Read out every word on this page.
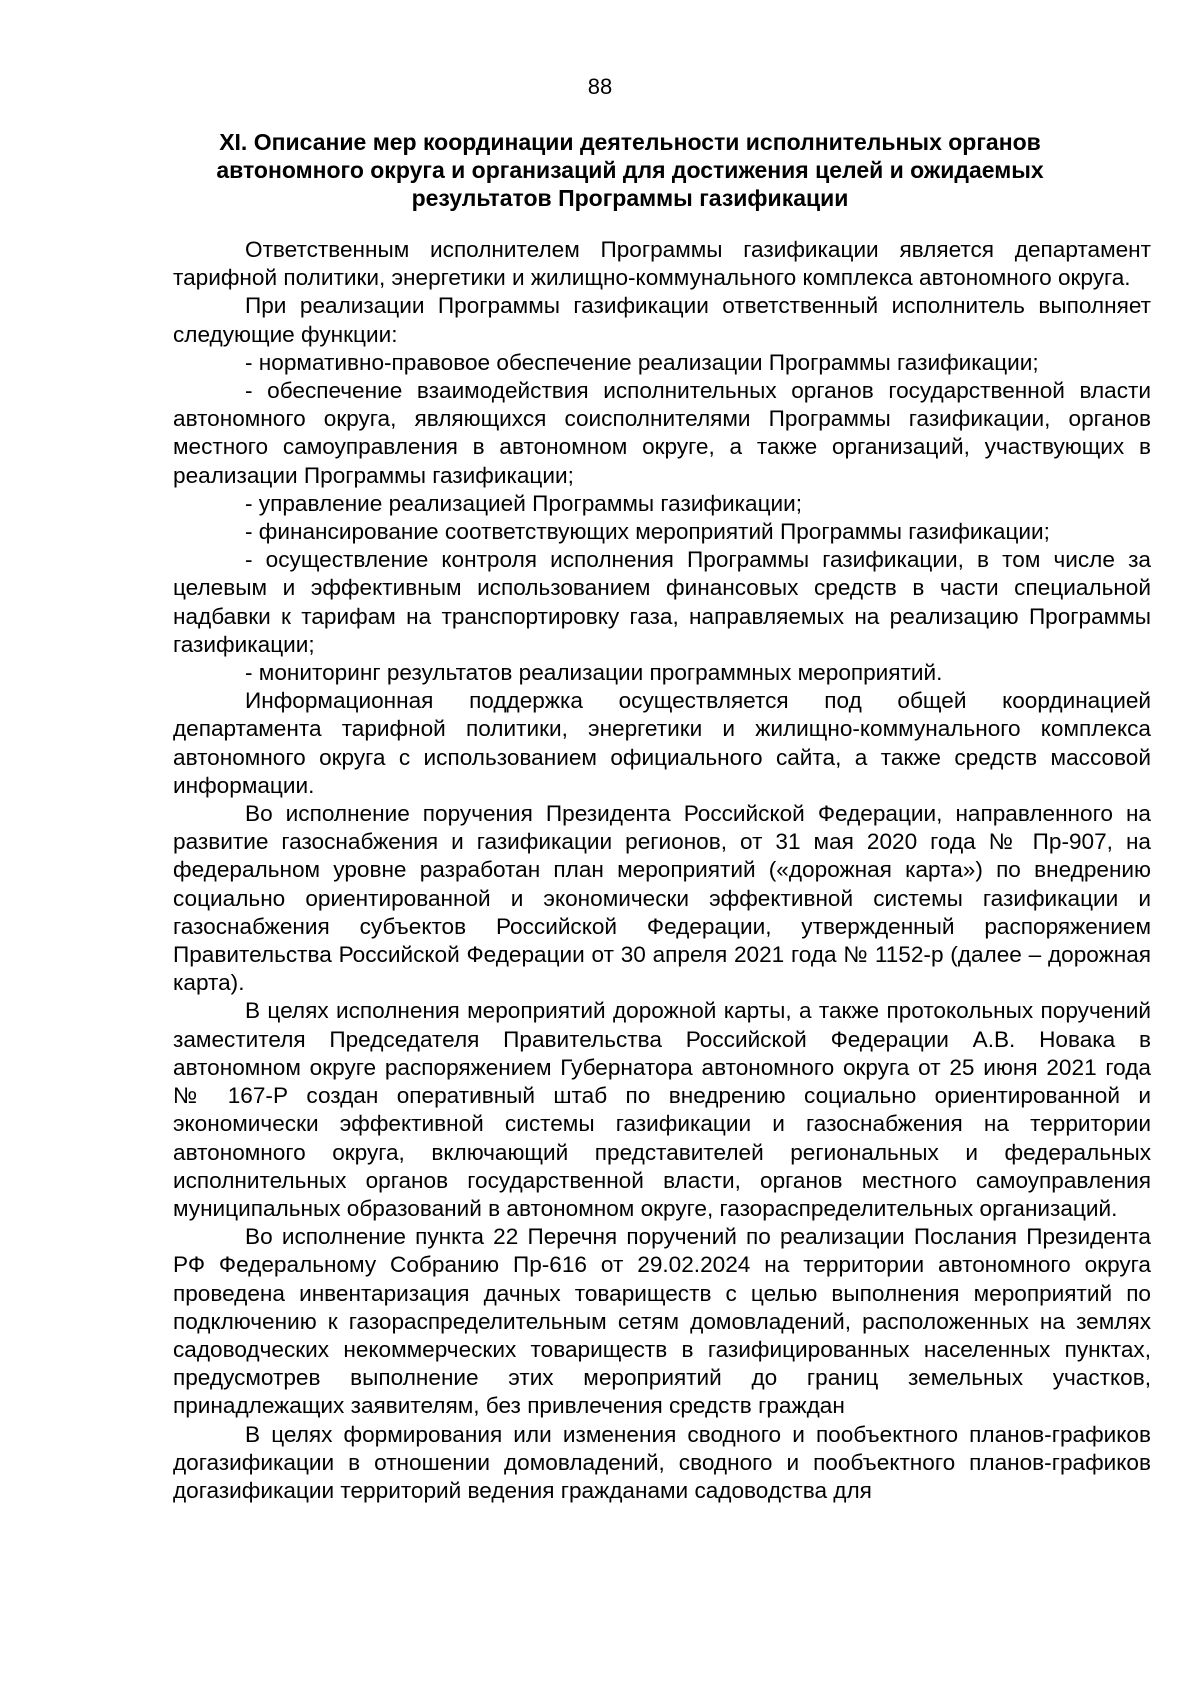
88
XI. Описание мер координации деятельности исполнительных органов автономного округа и организаций для достижения целей и ожидаемых результатов Программы газификации

Ответственным исполнителем Программы газификации является департамент тарифной политики, энергетики и жилищно-коммунального комплекса автономного округа.

При реализации Программы газификации ответственный исполнитель выполняет следующие функции:

- нормативно-правовое обеспечение реализации Программы газификации;

- обеспечение взаимодействия исполнительных органов государственной власти автономного округа, являющихся соисполнителями Программы газификации, органов местного самоуправления в автономном округе, а также организаций, участвующих в реализации Программы газификации;

- управление реализацией Программы газификации;

- финансирование соответствующих мероприятий Программы газификации;

- осуществление контроля исполнения Программы газификации, в том числе за целевым и эффективным использованием финансовых средств в части специальной надбавки к тарифам на транспортировку газа, направляемых на реализацию Программы газификации;

- мониторинг результатов реализации программных мероприятий.

Информационная поддержка осуществляется под общей координацией департамента тарифной политики, энергетики и жилищно-коммунального комплекса автономного округа с использованием официального сайта, а также средств массовой информации.

Во исполнение поручения Президента Российской Федерации, направленного на развитие газоснабжения и газификации регионов, от 31 мая 2020 года № Пр-907, на федеральном уровне разработан план мероприятий («дорожная карта») по внедрению социально ориентированной и экономически эффективной системы газификации и газоснабжения субъектов Российской Федерации, утвержденный распоряжением Правительства Российской Федерации от 30 апреля 2021 года № 1152-р (далее – дорожная карта).

В целях исполнения мероприятий дорожной карты, а также протокольных поручений заместителя Председателя Правительства Российской Федерации А.В. Новака в автономном округе распоряжением Губернатора автономного округа от 25 июня 2021 года № 167-Р создан оперативный штаб по внедрению социально ориентированной и экономически эффективной системы газификации и газоснабжения на территории автономного округа, включающий представителей региональных и федеральных исполнительных органов государственной власти, органов местного самоуправления муниципальных образований в автономном округе, газораспределительных организаций.

Во исполнение пункта 22 Перечня поручений по реализации Послания Президента РФ Федеральному Собранию Пр-616 от 29.02.2024 на территории автономного округа проведена инвентаризация дачных товариществ с целью выполнения мероприятий по подключению к газораспределительным сетям домовладений, расположенных на землях садоводческих некоммерческих товариществ в газифицированных населенных пунктах, предусмотрев выполнение этих мероприятий до границ земельных участков, принадлежащих заявителям, без привлечения средств граждан

В целях формирования или изменения сводного и пообъектного планов-графиков догазификации в отношении домовладений, сводного и пообъектного планов-графиков догазификации территорий ведения гражданами садоводства для
